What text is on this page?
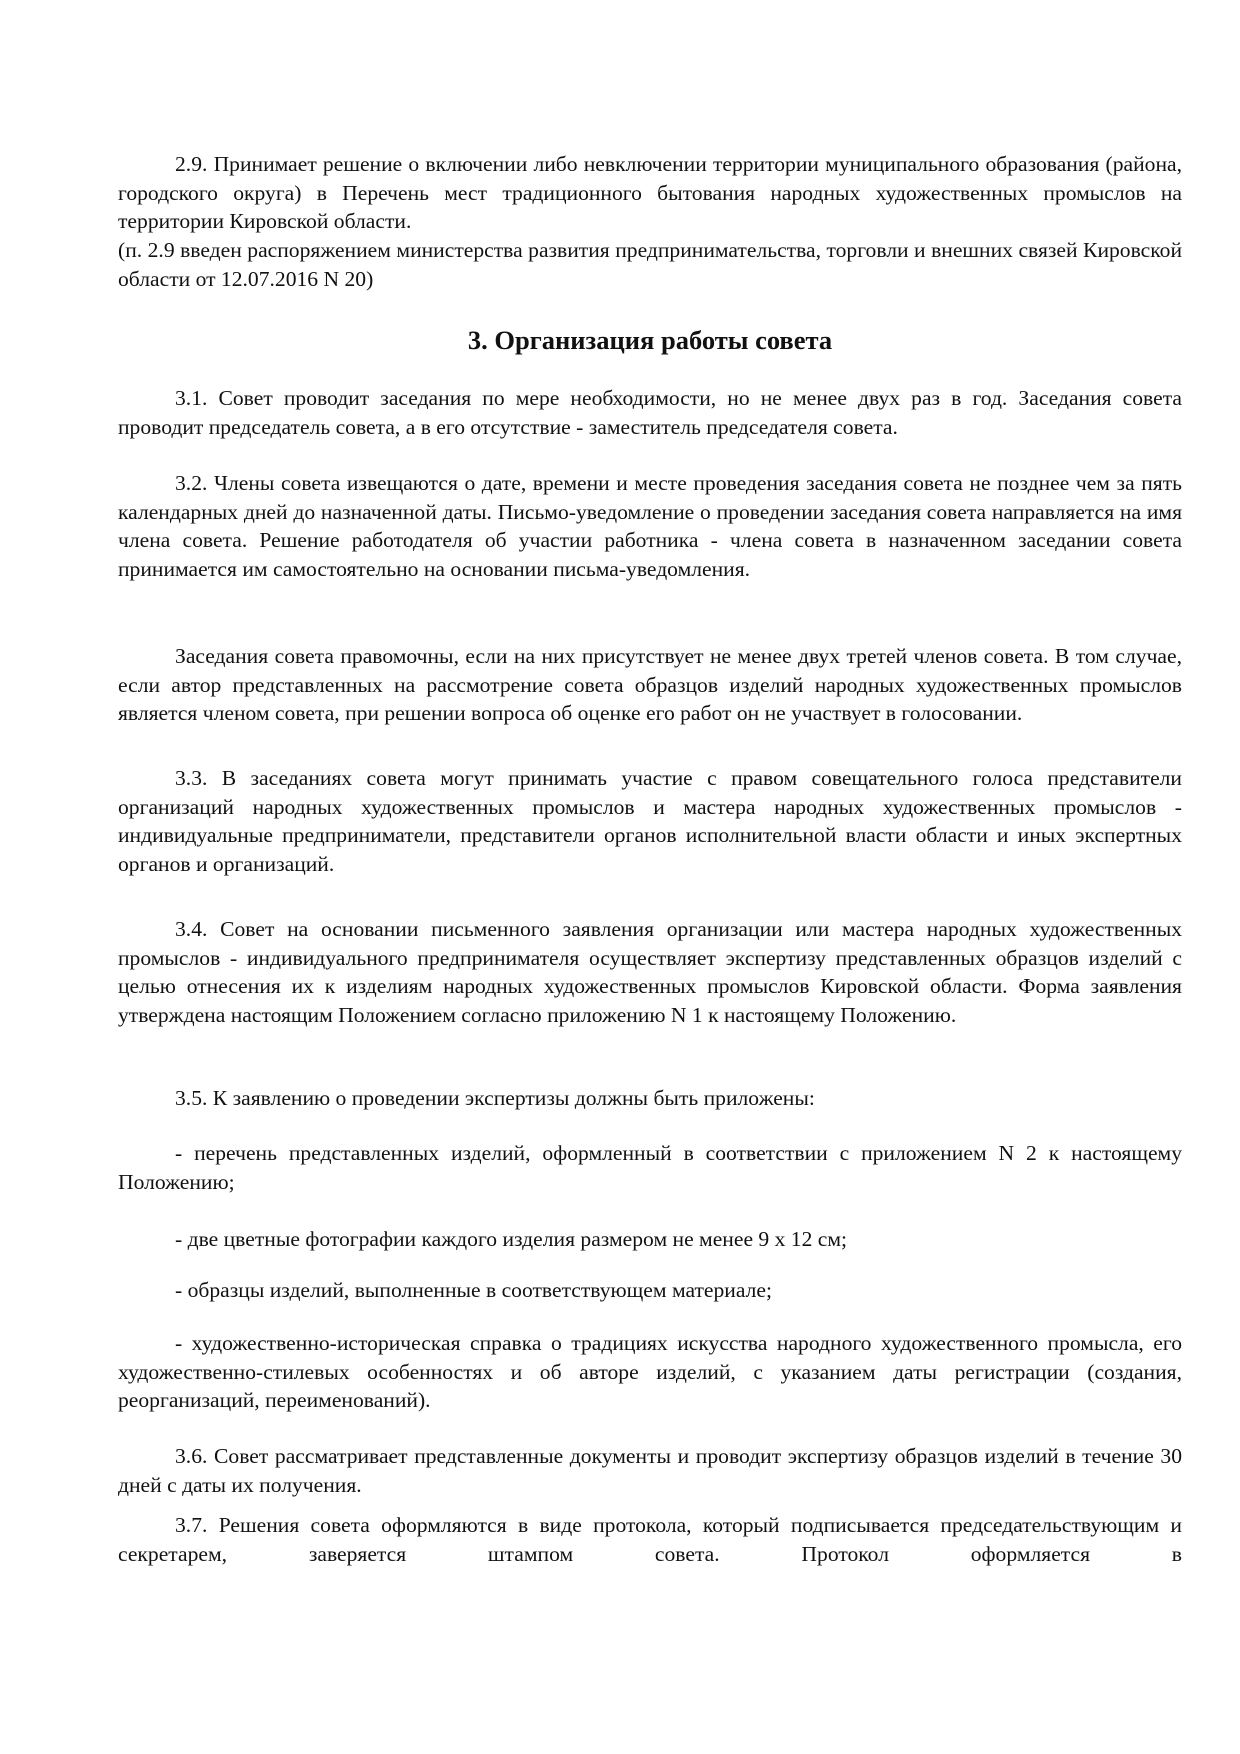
2.9. Принимает решение о включении либо невключении территории муниципального образования (района, городского округа) в Перечень мест традиционного бытования народных художественных промыслов на территории Кировской области.

(п. 2.9 введен распоряжением министерства развития предпринимательства, торговли и внешних связей Кировской области от 12.07.2016 N 20)

3. Организация работы совета

3.1. Совет проводит заседания по мере необходимости, но не менее двух раз в год. Заседания совета проводит председатель совета, а в его отсутствие - заместитель председателя совета.

3.2. Члены совета извещаются о дате, времени и месте проведения заседания совета не позднее чем за пять календарных дней до назначенной даты. Письмо-уведомление о проведении заседания совета направляется на имя члена совета. Решение работодателя об участии работника - члена совета в назначенном заседании совета принимается им самостоятельно на основании письма-уведомления.

Заседания совета правомочны, если на них присутствует не менее двух третей членов совета. В том случае, если автор представленных на рассмотрение совета образцов изделий народных художественных промыслов является членом совета, при решении вопроса об оценке его работ он не участвует в голосовании.

3.3. В заседаниях совета могут принимать участие с правом совещательного голоса представители организаций народных художественных промыслов и мастера народных художественных промыслов - индивидуальные предприниматели, представители органов исполнительной власти области и иных экспертных органов и организаций.

3.4. Совет на основании письменного заявления организации или мастера народных художественных промыслов - индивидуального предпринимателя осуществляет экспертизу представленных образцов изделий с целью отнесения их к изделиям народных художественных промыслов Кировской области. Форма заявления утверждена настоящим Положением согласно приложению N 1 к настоящему Положению.

3.5. К заявлению о проведении экспертизы должны быть приложены:

- перечень представленных изделий, оформленный в соответствии с приложением N 2 к настоящему Положению;

- две цветные фотографии каждого изделия размером не менее 9 х 12 см;

- образцы изделий, выполненные в соответствующем материале;

- художественно-историческая справка о традициях искусства народного художественного промысла, его художественно-стилевых особенностях и об авторе изделий, с указанием даты регистрации (создания, реорганизаций, переименований).

3.6. Совет рассматривает представленные документы и проводит экспертизу образцов изделий в течение 30 дней с даты их получения.

3.7. Решения совета оформляются в виде протокола, который подписывается председательствующим и секретарем, заверяется штампом совета. Протокол оформляется в
